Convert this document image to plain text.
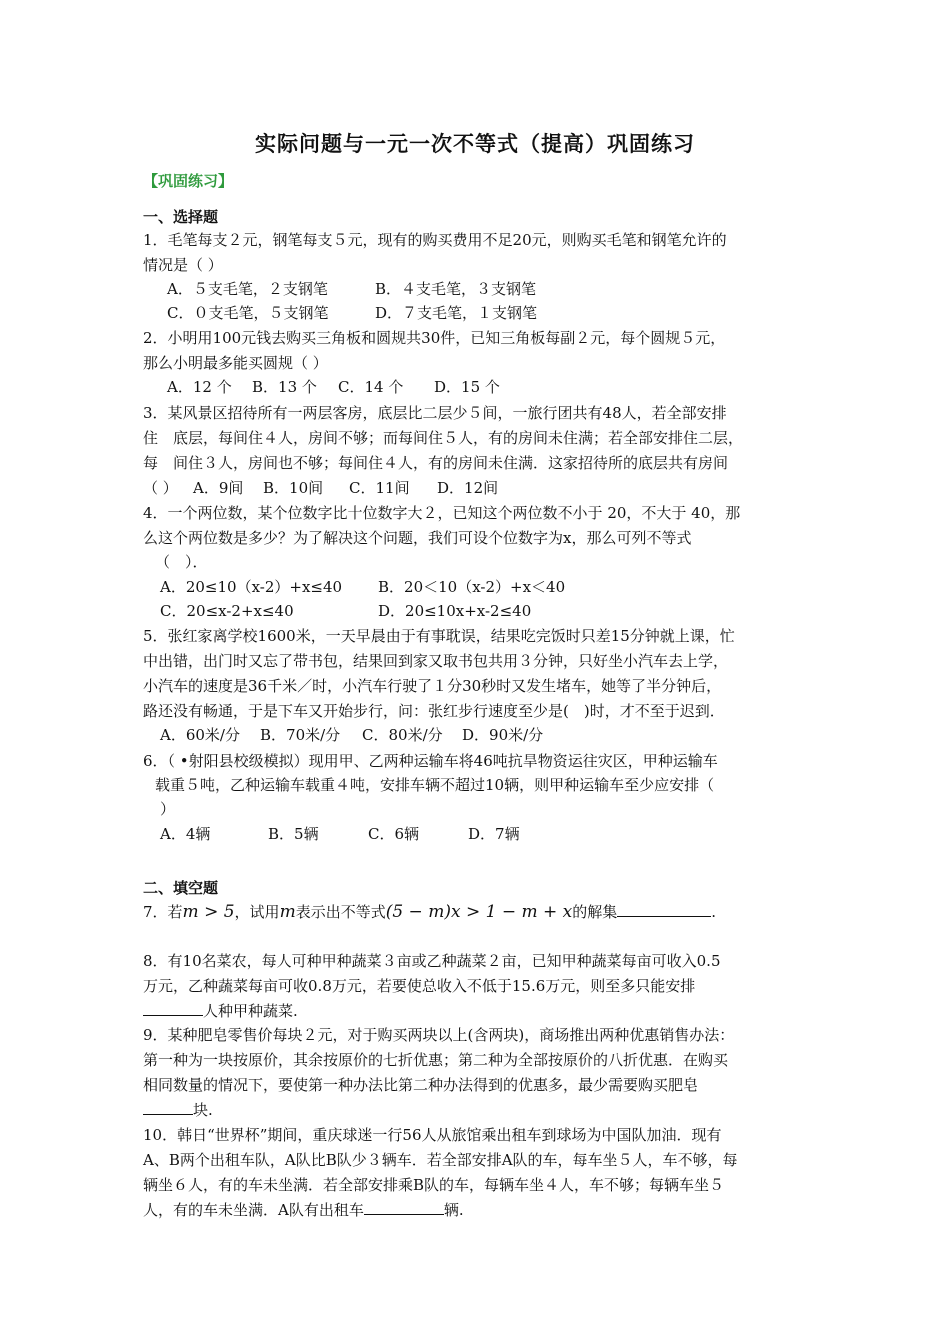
实际问题与一元一次不等式（提高）巩固练习
【巩固练习】
一、选择题
1．毛笔每支２元，钢笔每支５元，现有的购买费用不足20元，则购买毛笔和钢笔允许的
情况是（ ）
A．５支毛笔，２支钢笔	B．４支毛笔，３支钢笔
C．０支毛笔，５支钢笔	D．７支毛笔，１支钢笔
2．小明用100元钱去购买三角板和圆规共30件，已知三角板每副２元，每个圆规５元，
那么小明最多能买圆规（ ）
A．12 个 B．13 个 C．14 个 D．15 个
3．某风景区招待所有一两层客房，底层比二层少５间，一旅行团共有48人，若全部安排
住　底层，每间住４人，房间不够；而每间住５人，有的房间未住满；若全部安排住二层，
每　间住３人，房间也不够；每间住４人，有的房间未住满．这家招待所的底层共有房间
（ ） A．9间 B．10间 C．11间 D．12间
4．一个两位数，某个位数字比十位数字大２，已知这个两位数不小于 20，不大于 40，那
么这个两位数是多少？为了解决这个问题，我们可设个位数字为x，那么可列不等式
（　）．
A．20≤10（x-2）+x≤40 B．20＜10（x-2）+x＜40
C．20≤x-2+x≤40	D．20≤10x+x-2≤40
5．张红家离学校1600米，一天早晨由于有事耽误，结果吃完饭时只差15分钟就上课，忙
中出错，出门时又忘了带书包，结果回到家又取书包共用３分钟，只好坐小汽车去上学，
小汽车的速度是36千米／时，小汽车行驶了１分30秒时又发生堵车，她等了半分钟后，
路还没有畅通，于是下车又开始步行，问：张红步行速度至少是(　)时，才不至于迟到．
A．60米/分 B．70米/分 C．80米/分 D．90米/分
6．（ •射阳县校级模拟）现用甲、乙两种运输车将46吨抗旱物资运往灾区，甲种运输车
载重５吨，乙种运输车载重４吨，安排车辆不超过10辆，则甲种运输车至少应安排（
）
A．4辆	B．5辆	C．6辆	D．7辆
二、填空题
7．若m > 5，试用m表示出不等式(5 − m)x > 1 − m + x的解集	.
8．有10名菜农，每人可种甲种蔬菜３亩或乙种蔬菜２亩，已知甲种蔬菜每亩可收入0.5
万元，乙种蔬菜每亩可收0.8万元，若要使总收入不低于15.6万元，则至多只能安排
人种甲种蔬菜.
9．某种肥皂零售价每块２元，对于购买两块以上(含两块)，商场推出两种优惠销售办法：
第一种为一块按原价，其余按原价的七折优惠；第二种为全部按原价的八折优惠．在购买
相同数量的情况下，要使第一种办法比第二种办法得到的优惠多，最少需要购买肥皂
块.
10．韩日“世界杯”期间，重庆球迷一行56人从旅馆乘出租车到球场为中国队加油．现有
A、B两个出租车队，A队比B队少３辆车．若全部安排A队的车，每车坐５人，车不够，每
辆坐６人，有的车未坐满．若全部安排乘B队的车，每辆车坐４人，车不够；每辆车坐５
人，有的车未坐满．A队有出租车	辆.
